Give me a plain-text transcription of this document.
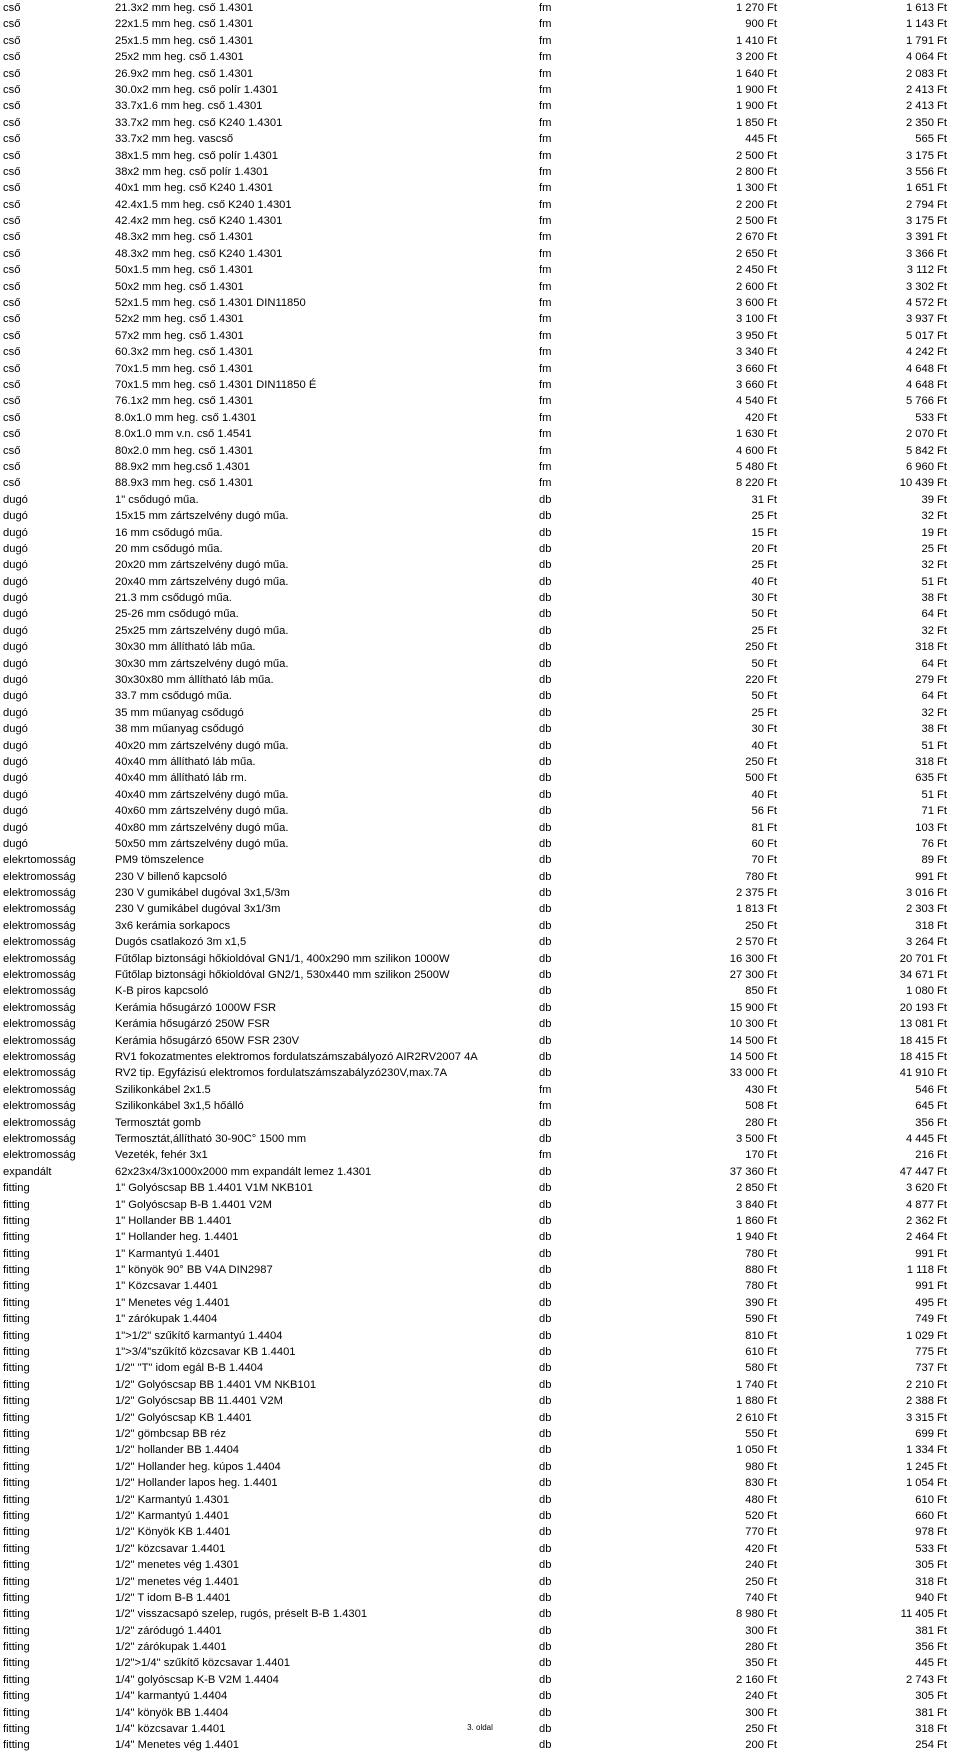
cső	21.3x2 mm heg. cső 1.4301	fm	1 270 Ft	1 613 Ft
cső	22x1.5 mm heg. cső 1.4301	fm	900 Ft	1 143 Ft
cső	25x1.5 mm heg. cső 1.4301	fm	1 410 Ft	1 791 Ft
cső	25x2 mm heg. cső 1.4301	fm	3 200 Ft	4 064 Ft
cső	26.9x2 mm heg. cső 1.4301	fm	1 640 Ft	2 083 Ft
cső	30.0x2 mm heg. cső polír 1.4301	fm	1 900 Ft	2 413 Ft
cső	33.7x1.6 mm heg. cső 1.4301	fm	1 900 Ft	2 413 Ft
cső	33.7x2 mm heg. cső K240 1.4301	fm	1 850 Ft	2 350 Ft
cső	33.7x2 mm heg. vascső	fm	445 Ft	565 Ft
cső	38x1.5 mm heg. cső polír 1.4301	fm	2 500 Ft	3 175 Ft
cső	38x2 mm heg. cső polír 1.4301	fm	2 800 Ft	3 556 Ft
cső	40x1 mm heg. cső K240 1.4301	fm	1 300 Ft	1 651 Ft
cső	42.4x1.5 mm heg. cső K240 1.4301	fm	2 200 Ft	2 794 Ft
cső	42.4x2 mm heg. cső K240 1.4301	fm	2 500 Ft	3 175 Ft
cső	48.3x2 mm heg. cső 1.4301	fm	2 670 Ft	3 391 Ft
cső	48.3x2 mm heg. cső K240 1.4301	fm	2 650 Ft	3 366 Ft
cső	50x1.5 mm heg. cső 1.4301	fm	2 450 Ft	3 112 Ft
cső	50x2 mm heg. cső 1.4301	fm	2 600 Ft	3 302 Ft
cső	52x1.5 mm heg. cső 1.4301 DIN11850	fm	3 600 Ft	4 572 Ft
cső	52x2 mm heg. cső 1.4301	fm	3 100 Ft	3 937 Ft
cső	57x2 mm heg. cső 1.4301	fm	3 950 Ft	5 017 Ft
cső	60.3x2 mm heg. cső 1.4301	fm	3 340 Ft	4 242 Ft
cső	70x1.5 mm heg. cső 1.4301	fm	3 660 Ft	4 648 Ft
cső	70x1.5 mm heg. cső 1.4301 DIN11850 É	fm	3 660 Ft	4 648 Ft
cső	76.1x2 mm heg. cső 1.4301	fm	4 540 Ft	5 766 Ft
cső	8.0x1.0 mm heg. cső 1.4301	fm	420 Ft	533 Ft
cső	8.0x1.0 mm v.n. cső 1.4541	fm	1 630 Ft	2 070 Ft
cső	80x2.0 mm heg. cső 1.4301	fm	4 600 Ft	5 842 Ft
cső	88.9x2 mm heg.cső 1.4301	fm	5 480 Ft	6 960 Ft
cső	88.9x3 mm heg. cső 1.4301	fm	8 220 Ft	10 439 Ft
dugó	1" csődugó műa.	db	31 Ft	39 Ft
dugó	15x15 mm zártszelvény dugó műa.	db	25 Ft	32 Ft
dugó	16 mm csődugó műa.	db	15 Ft	19 Ft
dugó	20 mm csődugó műa.	db	20 Ft	25 Ft
dugó	20x20 mm zártszelvény dugó műa.	db	25 Ft	32 Ft
dugó	20x40 mm zártszelvény dugó műa.	db	40 Ft	51 Ft
dugó	21.3 mm csődugó műa.	db	30 Ft	38 Ft
dugó	25-26 mm csődugó műa.	db	50 Ft	64 Ft
dugó	25x25 mm zártszelvény dugó műa.	db	25 Ft	32 Ft
dugó	30x30 mm állítható láb műa.	db	250 Ft	318 Ft
dugó	30x30 mm zártszelvény dugó műa.	db	50 Ft	64 Ft
dugó	30x30x80 mm állítható láb műa.	db	220 Ft	279 Ft
dugó	33.7 mm csődugó műa.	db	50 Ft	64 Ft
dugó	35 mm műanyag csődugó	db	25 Ft	32 Ft
dugó	38 mm műanyag csődugó	db	30 Ft	38 Ft
dugó	40x20 mm zártszelvény dugó műa.	db	40 Ft	51 Ft
dugó	40x40 mm állítható láb műa.	db	250 Ft	318 Ft
dugó	40x40 mm állítható láb rm.	db	500 Ft	635 Ft
dugó	40x40 mm zártszelvény dugó műa.	db	40 Ft	51 Ft
dugó	40x60 mm zártszelvény dugó műa.	db	56 Ft	71 Ft
dugó	40x80 mm zártszelvény dugó műa.	db	81 Ft	103 Ft
dugó	50x50 mm zártszelvény dugó műa.	db	60 Ft	76 Ft
elekrtomosság	PM9 tömszelence	db	70 Ft	89 Ft
elektromosság	230 V billenő kapcsoló	db	780 Ft	991 Ft
elektromosság	230 V gumikábel dugóval 3x1,5/3m	db	2 375 Ft	3 016 Ft
elektromosság	230 V gumikábel dugóval 3x1/3m	db	1 813 Ft	2 303 Ft
elektromosság	3x6 kerámia sorkapocs	db	250 Ft	318 Ft
elektromosság	Dugós csatlakozó 3m x1,5	db	2 570 Ft	3 264 Ft
elektromosság	Fűtőlap biztonsági hőkioldóval GN1/1, 400x290 mm szilikon 1000W	db	16 300 Ft	20 701 Ft
elektromosság	Fűtőlap biztonsági hőkioldóval GN2/1, 530x440 mm szilikon 2500W	db	27 300 Ft	34 671 Ft
elektromosság	K-B piros kapcsoló	db	850 Ft	1 080 Ft
elektromosság	Kerámia hősugárzó 1000W FSR	db	15 900 Ft	20 193 Ft
elektromosság	Kerámia hősugárzó 250W FSR	db	10 300 Ft	13 081 Ft
elektromosság	Kerámia hősugárzó 650W FSR 230V	db	14 500 Ft	18 415 Ft
elektromosság	RV1 fokozatmentes elektromos fordulatszámszabályozó AIR2RV2007 4A	db	14 500 Ft	18 415 Ft
elektromosság	RV2 tip. Egyfázisú elektromos fordulatszámszabályzó230V,max.7A	db	33 000 Ft	41 910 Ft
elektromosság	Szilikonkábel 2x1.5	fm	430 Ft	546 Ft
elektromosság	Szilikonkábel 3x1,5 hőálló	fm	508 Ft	645 Ft
elektromosság	Termosztát gomb	db	280 Ft	356 Ft
elektromosság	Termosztát,állítható 30-90C° 1500 mm	db	3 500 Ft	4 445 Ft
elektromosság	Vezeték, fehér 3x1	fm	170 Ft	216 Ft
expandált	62x23x4/3x1000x2000 mm expandált lemez 1.4301	db	37 360 Ft	47 447 Ft
fitting	1" Golyóscsap BB 1.4401 V1M NKB101	db	2 850 Ft	3 620 Ft
fitting	1" Golyóscsap B-B 1.4401 V2M	db	3 840 Ft	4 877 Ft
fitting	1" Hollander BB 1.4401	db	1 860 Ft	2 362 Ft
fitting	1" Hollander heg. 1.4401	db	1 940 Ft	2 464 Ft
fitting	1" Karmantyú 1.4401	db	780 Ft	991 Ft
fitting	1" könyök 90° BB V4A DIN2987	db	880 Ft	1 118 Ft
fitting	1" Közcsavar 1.4401	db	780 Ft	991 Ft
fitting	1" Menetes vég 1.4401	db	390 Ft	495 Ft
fitting	1" zárókupak 1.4404	db	590 Ft	749 Ft
fitting	1">1/2" szűkítő karmantyú 1.4404	db	810 Ft	1 029 Ft
fitting	1">3/4"szűkítő közcsavar KB 1.4401	db	610 Ft	775 Ft
fitting	1/2" "T" idom egál B-B 1.4404	db	580 Ft	737 Ft
fitting	1/2" Golyóscsap BB 1.4401 VM NKB101	db	1 740 Ft	2 210 Ft
fitting	1/2" Golyóscsap BB 11.4401 V2M	db	1 880 Ft	2 388 Ft
fitting	1/2" Golyóscsap KB 1.4401	db	2 610 Ft	3 315 Ft
fitting	1/2" gömbcsap BB réz	db	550 Ft	699 Ft
fitting	1/2" hollander BB 1.4404	db	1 050 Ft	1 334 Ft
fitting	1/2" Hollander heg. kúpos 1.4404	db	980 Ft	1 245 Ft
fitting	1/2" Hollander lapos heg. 1.4401	db	830 Ft	1 054 Ft
fitting	1/2" Karmantyú 1.4301	db	480 Ft	610 Ft
fitting	1/2" Karmantyú 1.4401	db	520 Ft	660 Ft
fitting	1/2" Könyök KB 1.4401	db	770 Ft	978 Ft
fitting	1/2" közcsavar 1.4401	db	420 Ft	533 Ft
fitting	1/2" menetes vég 1.4301	db	240 Ft	305 Ft
fitting	1/2" menetes vég 1.4401	db	250 Ft	318 Ft
fitting	1/2" T idom B-B 1.4401	db	740 Ft	940 Ft
fitting	1/2" visszacsapó szelep, rugós, préselt B-B 1.4301	db	8 980 Ft	11 405 Ft
fitting	1/2" záródugó 1.4401	db	300 Ft	381 Ft
fitting	1/2" zárókupak 1.4401	db	280 Ft	356 Ft
fitting	1/2">1/4" szűkítő közcsavar 1.4401	db	350 Ft	445 Ft
fitting	1/4" golyóscsap K-B V2M 1.4404	db	2 160 Ft	2 743 Ft
fitting	1/4" karmantyú 1.4404	db	240 Ft	305 Ft
fitting	1/4" könyök BB 1.4404	db	300 Ft	381 Ft
fitting	1/4" közcsavar 1.4401	db	250 Ft	318 Ft
fitting	1/4" Menetes vég 1.4401	db	200 Ft	254 Ft
3. oldal
